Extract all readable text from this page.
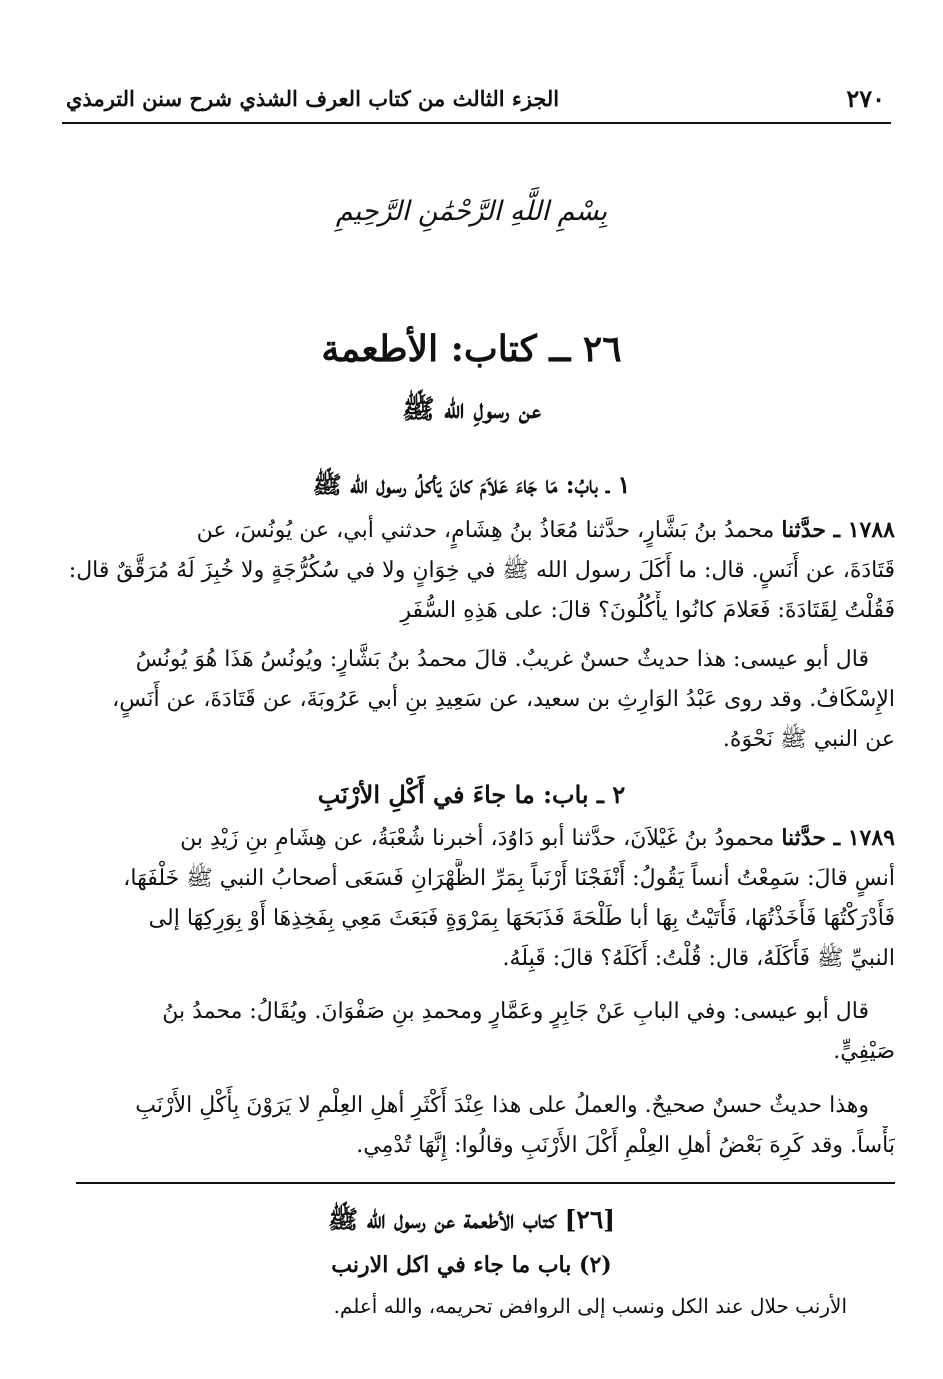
٢٧٠
الجزء الثالث من كتاب العرف الشذي شرح سنن الترمذي
بِسْمِ اللَّهِ الرَّحْمَٰنِ الرَّحِيمِ
٢٦ ــ كتاب: الأطعمة
عن رسولِ الله ﷺ
١ ـ بابُ: مَا جَاءَ عَلاَمَ كانَ يَأكلُ رسول الله ﷺ
١٧٨٨ ـ حدَّثنا محمدُ بنُ بَشَّارٍ، حدَّثنا مُعَاذُ بنُ هِشَامٍ، حدثني أبي، عن يُونُسَ، عن
قَتَادَةَ، عن أَنَسٍ. قال: ما أَكَلَ رسول الله ﷺ في خِوَانٍ ولا في سُكُرُّجَةٍ ولا خُبِزَ لَهُ مُرَقَّقٌ قال:
فَقُلْتُ لِقَتَادَةَ: فَعَلامَ كانُوا يأْكُلُونَ؟ قالَ: على هَذِهِ السُّفَرِ
قال أبو عيسى: هذا حديثٌ حسنٌ غريبٌ. قالَ محمدُ بنُ بَشَّارٍ: ويُونُسُ هَذَا هُوَ يُونُسُ
الإِسْكَافُ. وقد روى عَبْدُ الوَارِثِ بن سعيد، عن سَعِيدِ بنِ أبي عَرُوبَةَ، عن قَتَادَةَ، عن أَنَسٍ،
عن النبي ﷺ نَحْوَهُ.
٢ ـ باب: ما جاءَ في أَكْلِ الأرْنَبِ
١٧٨٩ ـ حدَّثنا محمودُ بنُ غَيْلاَنَ، حدَّثنا أبو دَاوُدَ، أخبرنا شُعْبَةُ، عن هِشَامِ بنِ زَيْدِ بن
أنسٍ قالَ: سَمِعْتُ أنساً يَقُولُ: أَنْفَجْنَا أَرْنَباً بِمَرِّ الظَّهْرَانِ فَسَعَى أصحابُ النبي ﷺ خَلْفَهَا،
فَأَدْرَكْتُهَا فَأَخَذْتُهَا، فَأَتَيْتُ بِهَا أبا طَلْحَةَ فَذَبَحَهَا بِمَرْوَةٍ فَبَعَثَ مَعِي بِفَخِذِهَا أَوْ بِوَرِكِهَا إلى
النبيِّ ﷺ فَأَكَلَهُ، قال: قُلْتُ: أَكَلَهُ؟ قالَ: قَبِلَهُ.
قال أبو عيسى: وفي البابِ عَنْ جَابِرٍ وعَمَّارٍ ومحمدِ بنِ صَفْوَانَ. ويُقَالُ: محمدُ بنُ
صَيْفِيٍّ.
وهذا حديثٌ حسنٌ صحيحٌ. والعملُ على هذا عِنْدَ أَكْثَرِ أهلِ العِلْمِ لا يَرَوْنَ بِأَكْلِ الأَرْنَبِ
بَأْساً. وقد كَرِهَ بَعْضُ أهلِ العِلْمِ أَكْلَ الأَرْنَبِ وقالُوا: إِنَّهَا تُدْمِي.
[٢٦] كتاب الأطعمة عن رسول الله ﷺ
(٢) باب ما جاء في اكل الارنب
الأرنب حلال عند الكل ونسب إلى الروافض تحريمه، والله أعلم.
